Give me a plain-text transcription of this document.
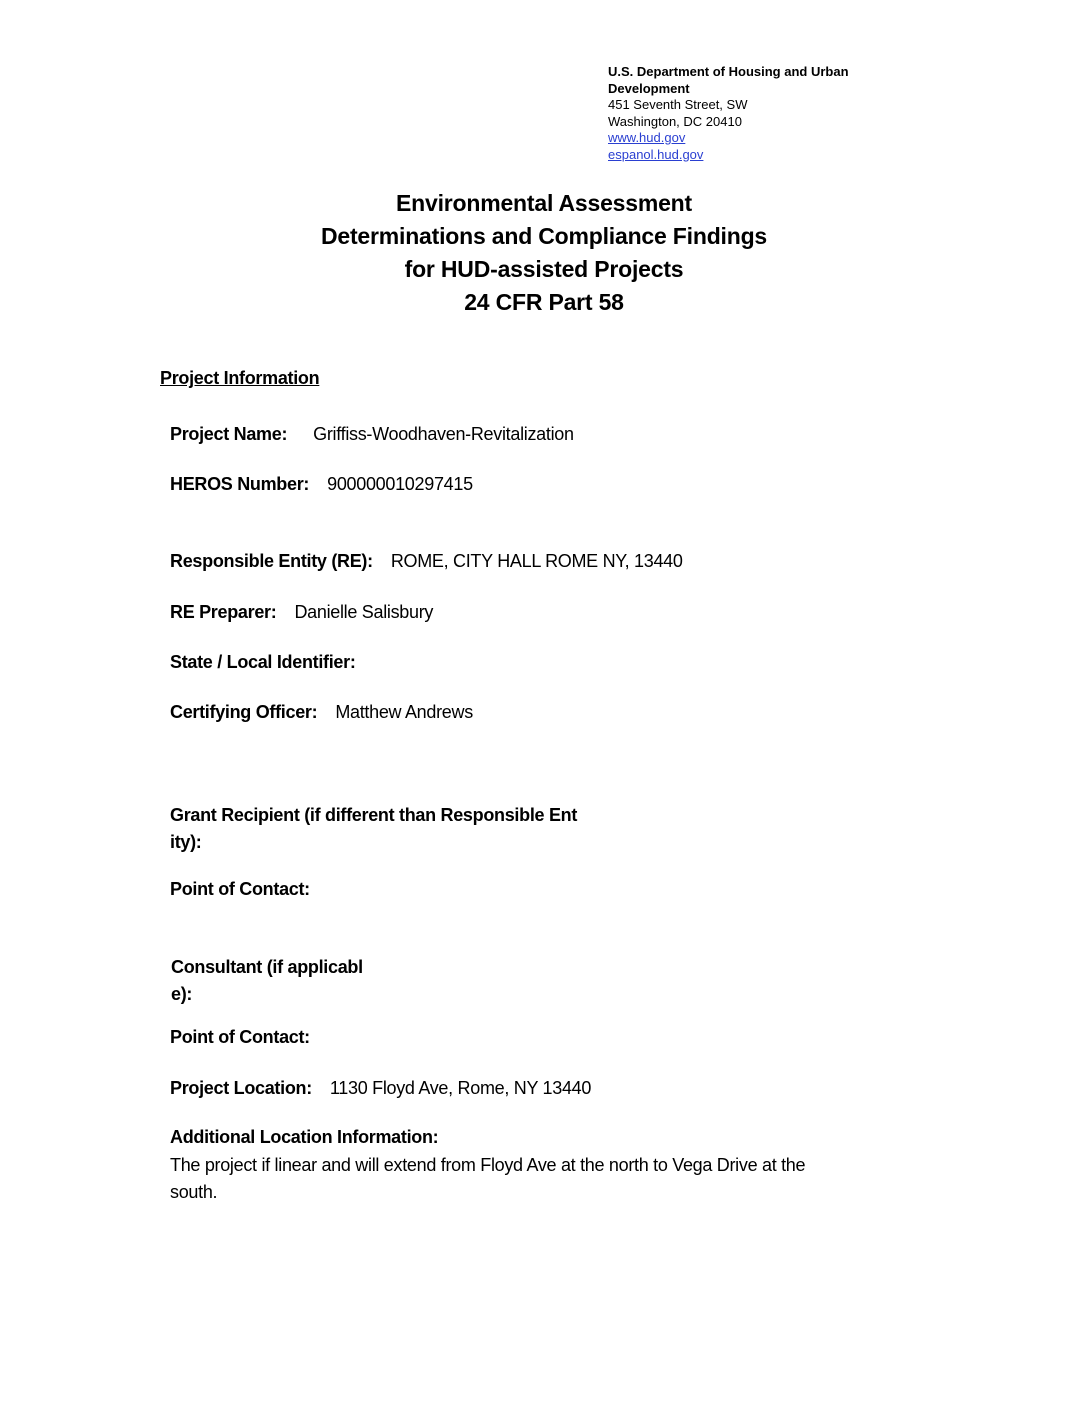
U.S. Department of Housing and Urban
Development
451 Seventh Street, SW
Washington, DC 20410
www.hud.gov
espanol.hud.gov
Environmental Assessment
Determinations and Compliance Findings
for HUD-assisted Projects
24 CFR Part 58
Project Information
Project Name: Griffiss-Woodhaven-Revitalization
HEROS Number: 900000010297415
Responsible Entity (RE): ROME, CITY HALL ROME NY, 13440
RE Preparer: Danielle Salisbury
State / Local Identifier:
Certifying Officer: Matthew Andrews
Grant Recipient (if different than Responsible Ent
ity):
Point of Contact:
Consultant (if applicabl
e):
Point of Contact:
Project Location: 1130 Floyd Ave, Rome, NY 13440
Additional Location Information:
The project if linear and will extend from Floyd Ave at the north to Vega Drive at the
south.
